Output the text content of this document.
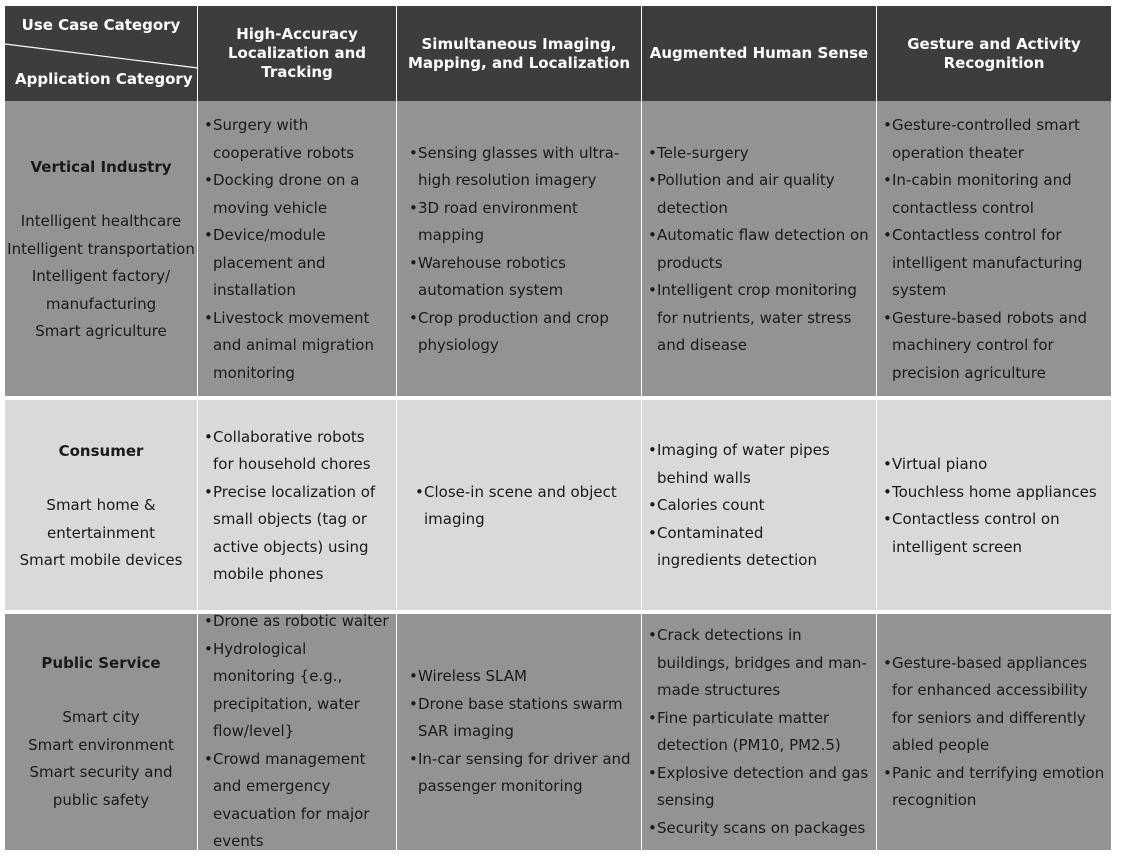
Use Case Category
Application Category
High-Accuracy Localization and Tracking
Simultaneous Imaging, Mapping, and Localization
Augmented Human Sense
Gesture and Activity Recognition
Vertical Industry
Intelligent healthcare
Intelligent transportation
Intelligent factory/
manufacturing
Smart agriculture
• Surgery with cooperative robots
• Docking drone on a moving vehicle
• Device/module placement and installation
• Livestock movement and animal migration monitoring
• Sensing glasses with ultra-high resolution imagery
• 3D road environment mapping
• Warehouse robotics automation system
• Crop production and crop physiology
• Tele-surgery
• Pollution and air quality detection
• Automatic flaw detection on products
• Intelligent crop monitoring for nutrients, water stress and disease
• Gesture-controlled smart operation theater
• In-cabin monitoring and contactless control
• Contactless control for intelligent manufacturing system
• Gesture-based robots and machinery control for precision agriculture
Consumer
Smart home &
entertainment
Smart mobile devices
• Collaborative robots for household chores
• Precise localization of small objects (tag or active objects) using mobile phones
• Close-in scene and object imaging
• Imaging of water pipes behind walls
• Calories count
• Contaminated ingredients detection
• Virtual piano
• Touchless home appliances
• Contactless control on intelligent screen
Public Service
Smart city
Smart environment
Smart security and
public safety
• Drone as robotic waiter
• Hydrological monitoring {e.g., precipitation, water flow/level}
• Crowd management and emergency evacuation for major events
• Wireless SLAM
• Drone base stations swarm SAR imaging
• In-car sensing for driver and passenger monitoring
• Crack detections in buildings, bridges and man-made structures
• Fine particulate matter detection (PM10, PM2.5)
• Explosive detection and gas sensing
• Security scans on packages
• Gesture-based appliances for enhanced accessibility for seniors and differently abled people
• Panic and terrifying emotion recognition
